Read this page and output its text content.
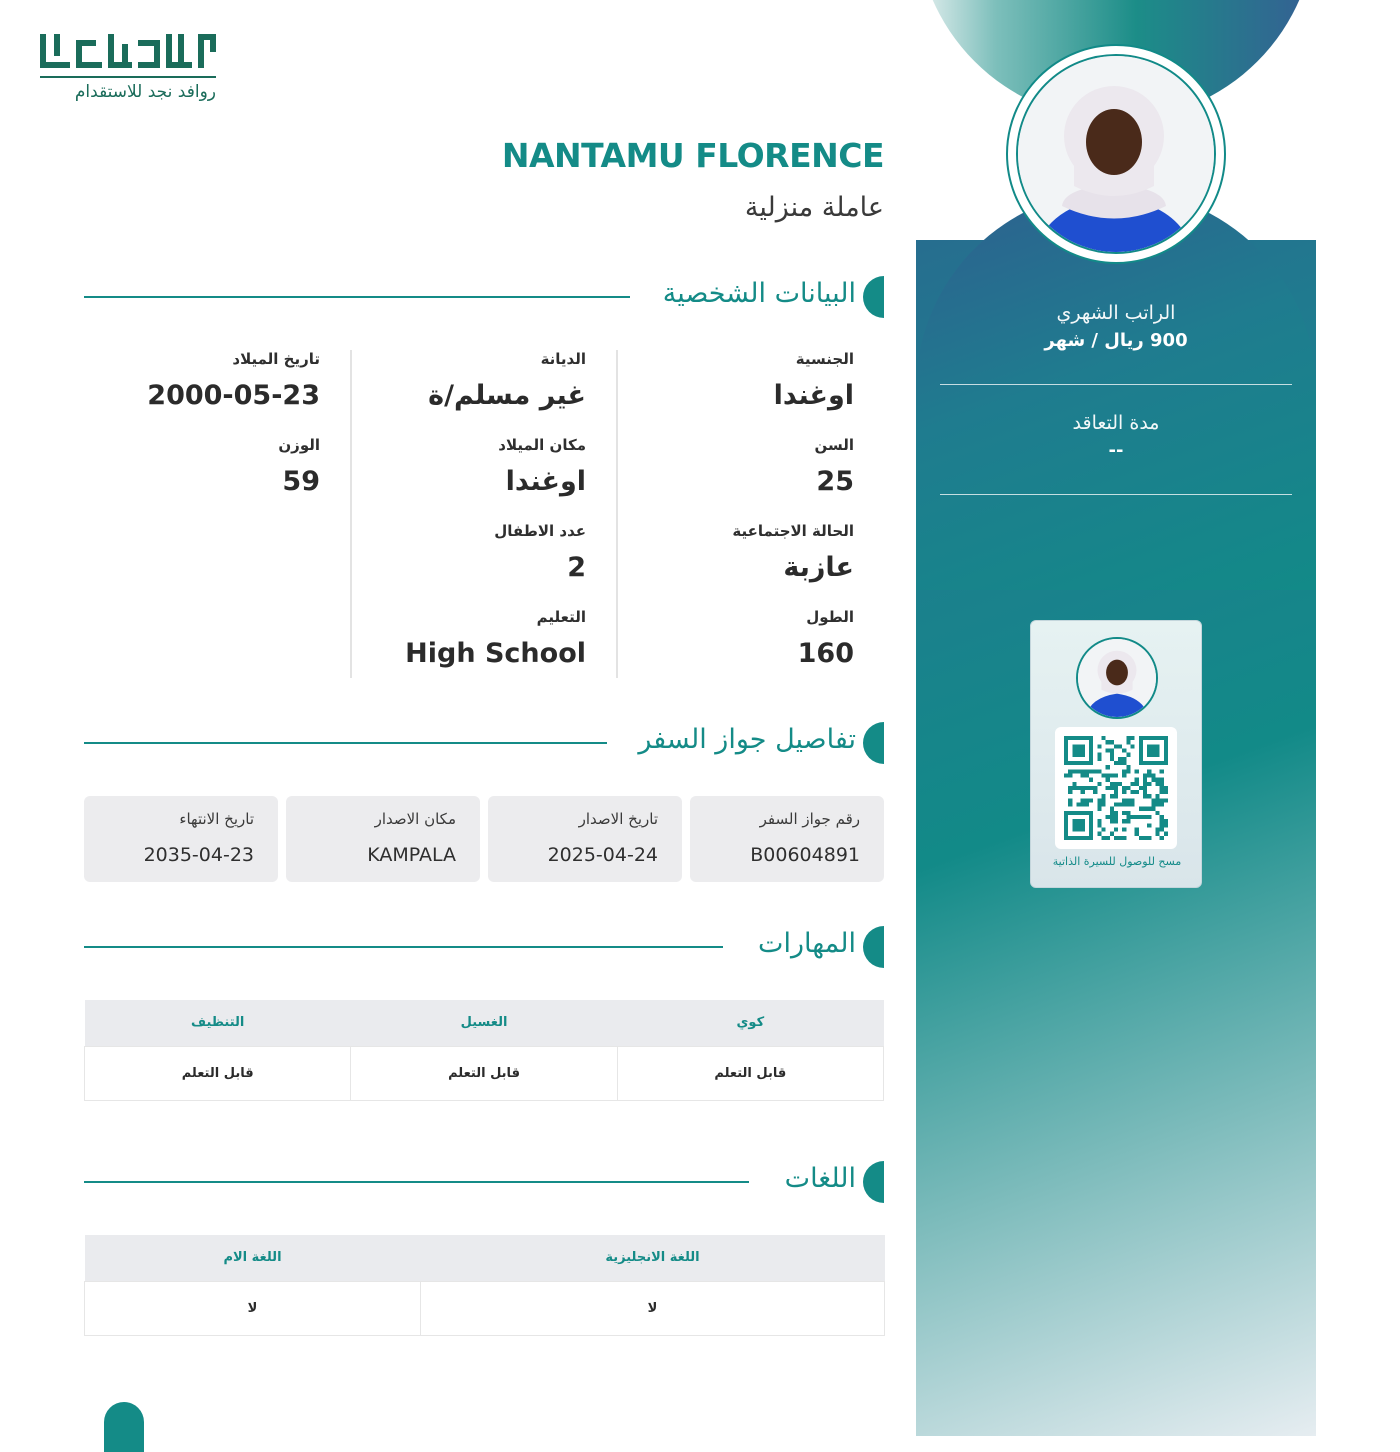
الراتب الشهري
900 ريال / شهر
مدة التعاقد
--
مسح للوصول للسيرة الذاتية
روافد نجد للاستقدام
NANTAMU FLORENCE
عاملة منزلية
البيانات الشخصية
الجنسية
اوغندا
السن
25
الحالة الاجتماعية
عازبة
الطول
160
الديانة
غير مسلم/ة
مكان الميلاد
اوغندا
عدد الاطفال
2
التعليم
High School
تاريخ الميلاد
2000-05-23
الوزن
59
تفاصيل جواز السفر
رقم جواز السفر
B00604891
تاريخ الاصدار
2025-04-24
مكان الاصدار
KAMPALA
تاريخ الانتهاء
2035-04-23
المهارات
كوي	الغسيل	التنظيف
قابل التعلم	قابل التعلم	قابل التعلم
اللغات
اللغة الانجليزية	اللغة الام
لا	لا
